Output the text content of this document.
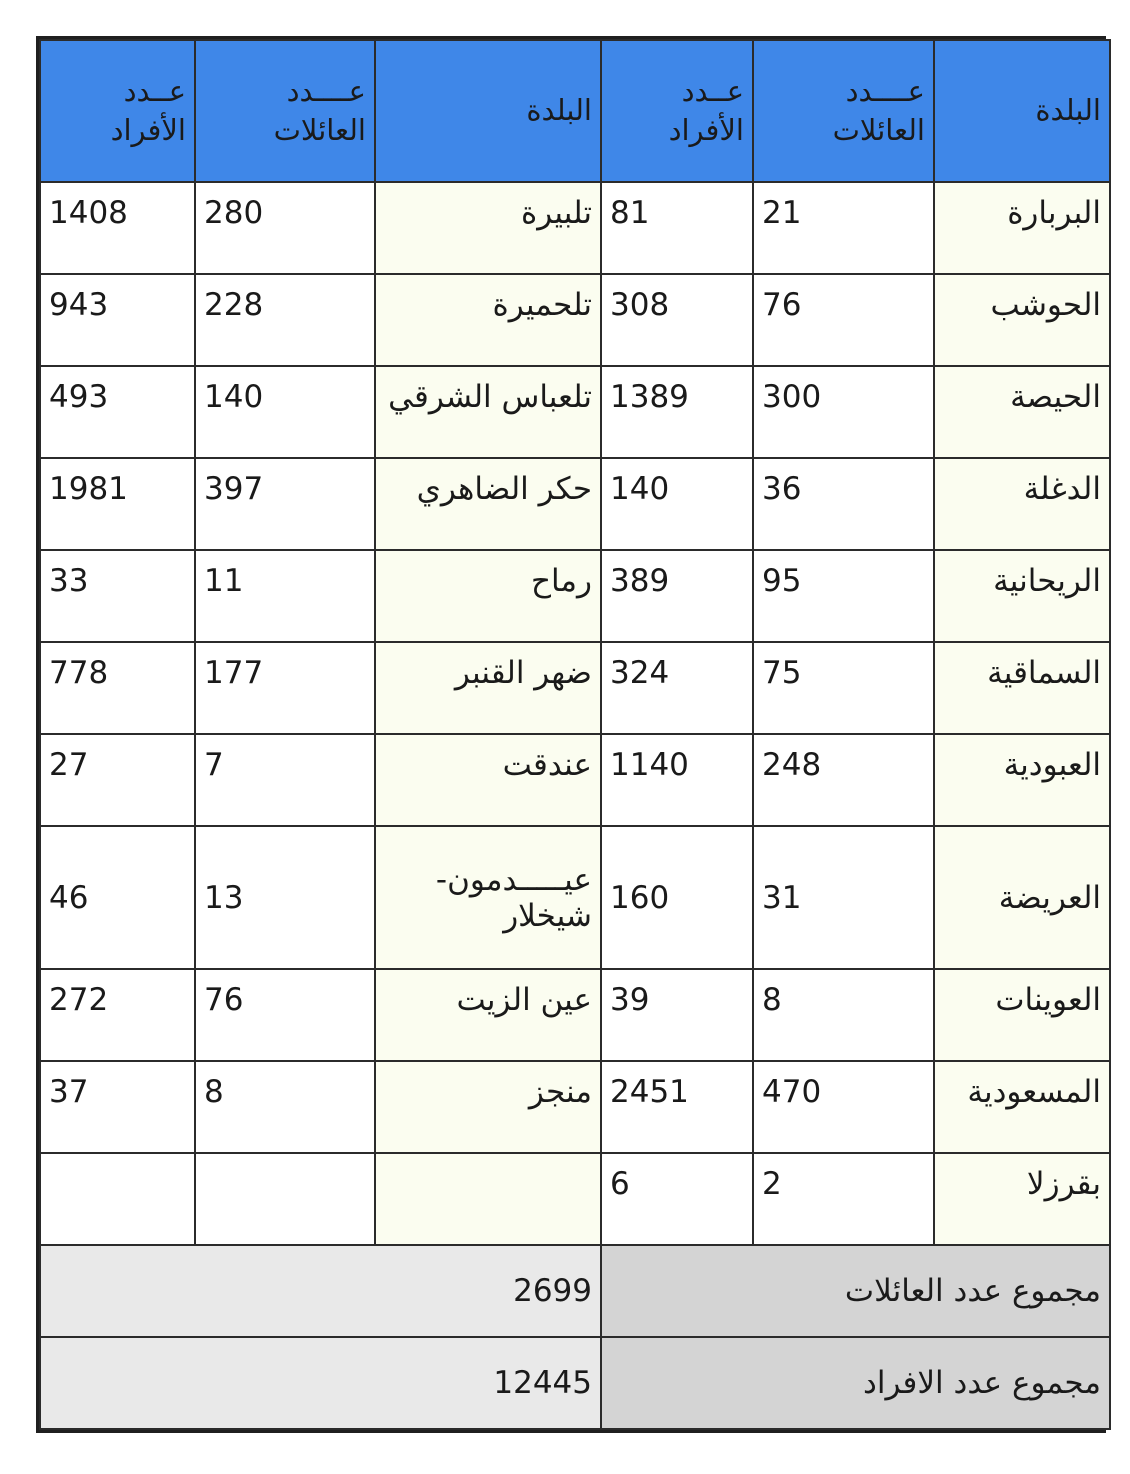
البلدة	عــــدد العائلات	عــدد الأفراد	البلدة	عــــدد العائلات	عــدد الأفراد
البربارة	21	81	تلبيرة	280	1408
الحوشب	76	308	تلحميرة	228	943
الحيصة	300	1389	تلعباس الشرقي	140	493
الدغلة	36	140	حكر الضاهري	397	1981
الريحانية	95	389	رماح	11	33
السماقية	75	324	ضهر القنبر	177	778
العبودية	248	1140	عندقت	7	27
العريضة	31	160	عيـــــدمون- شيخلار	13	46
العوينات	8	39	عين الزيت	76	272
المسعودية	470	2451	منجز	8	37
بقرزلا	2	6			
مجموع عدد العائلات			2699		
مجموع عدد الافراد			12445		
